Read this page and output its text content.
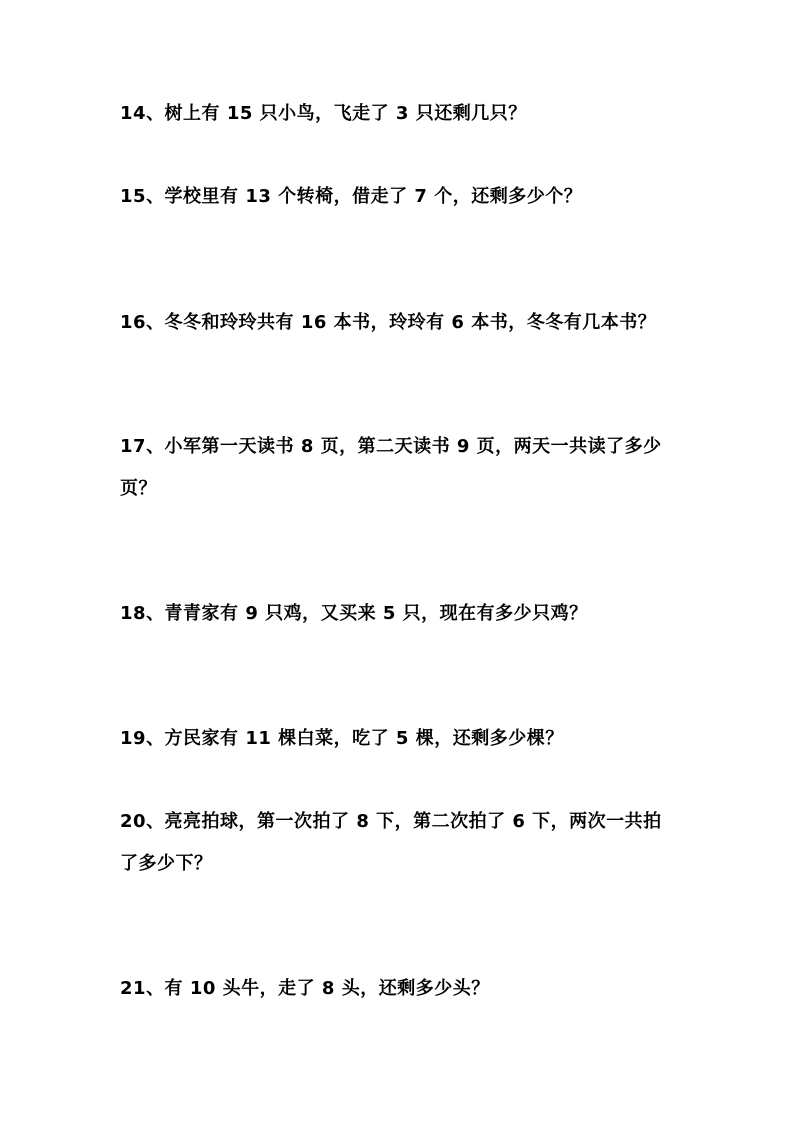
14、树上有 15 只小鸟，飞走了 3 只还剩几只？
15、学校里有 13 个转椅，借走了 7 个，还剩多少个？
16、冬冬和玲玲共有 16 本书，玲玲有 6 本书，冬冬有几本书？
17、小军第一天读书 8 页，第二天读书 9 页，两天一共读了多少页？
18、青青家有 9 只鸡，又买来 5 只，现在有多少只鸡？
19、方民家有 11 棵白菜，吃了 5 棵，还剩多少棵？
20、亮亮拍球，第一次拍了 8 下，第二次拍了 6 下，两次一共拍了多少下？
21、有 10 头牛，走了 8 头，还剩多少头？
